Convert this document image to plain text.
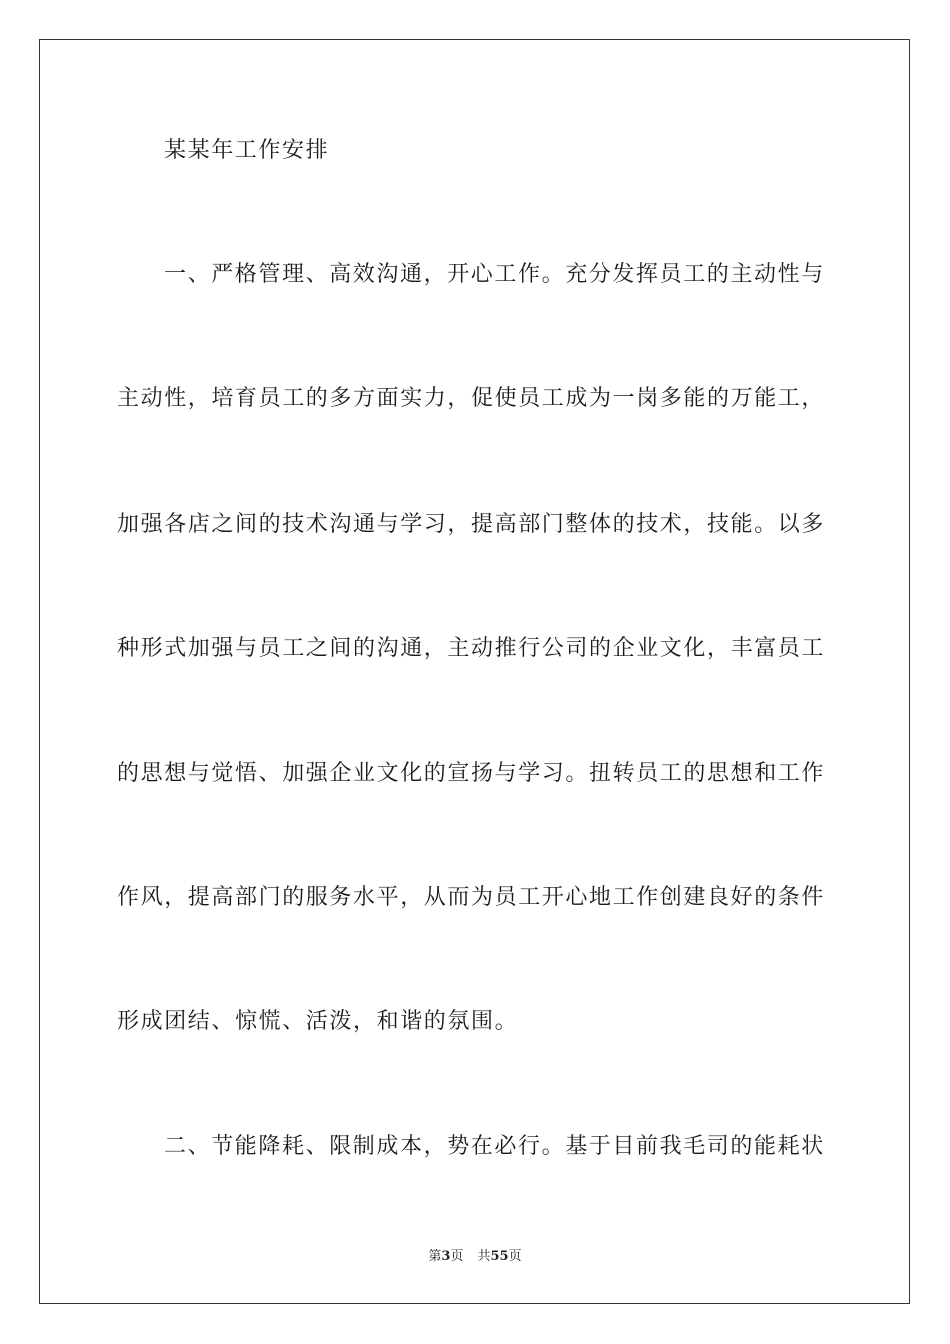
某某年工作安排
一、严格管理、高效沟通，开心工作。充分发挥员工的主动性与
主动性，培育员工的多方面实力，促使员工成为一岗多能的万能工，
加强各店之间的技术沟通与学习，提高部门整体的技术，技能。以多
种形式加强与员工之间的沟通，主动推行公司的企业文化，丰富员工
的思想与觉悟、加强企业文化的宣扬与学习。扭转员工的思想和工作
作风，提高部门的服务水平，从而为员工开心地工作创建良好的条件
形成团结、惊慌、活泼，和谐的氛围。
二、节能降耗、限制成本，势在必行。基于目前我毛司的能耗状
第3页 共55页
